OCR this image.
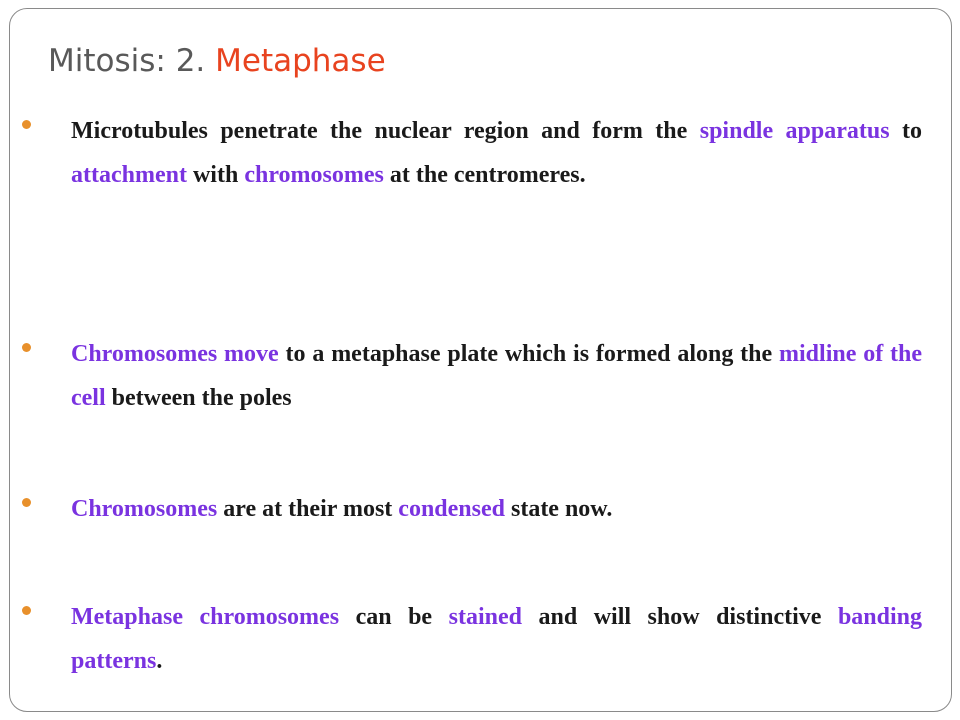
Mitosis: 2. Metaphase

Microtubules penetrate the nuclear region and form the spindle apparatus to attachment with chromosomes at the centromeres.

Chromosomes move to a metaphase plate which is formed along the midline of the cell between the poles

Chromosomes are at their most condensed state now.

Metaphase chromosomes can be stained and will show distinctive banding patterns.
